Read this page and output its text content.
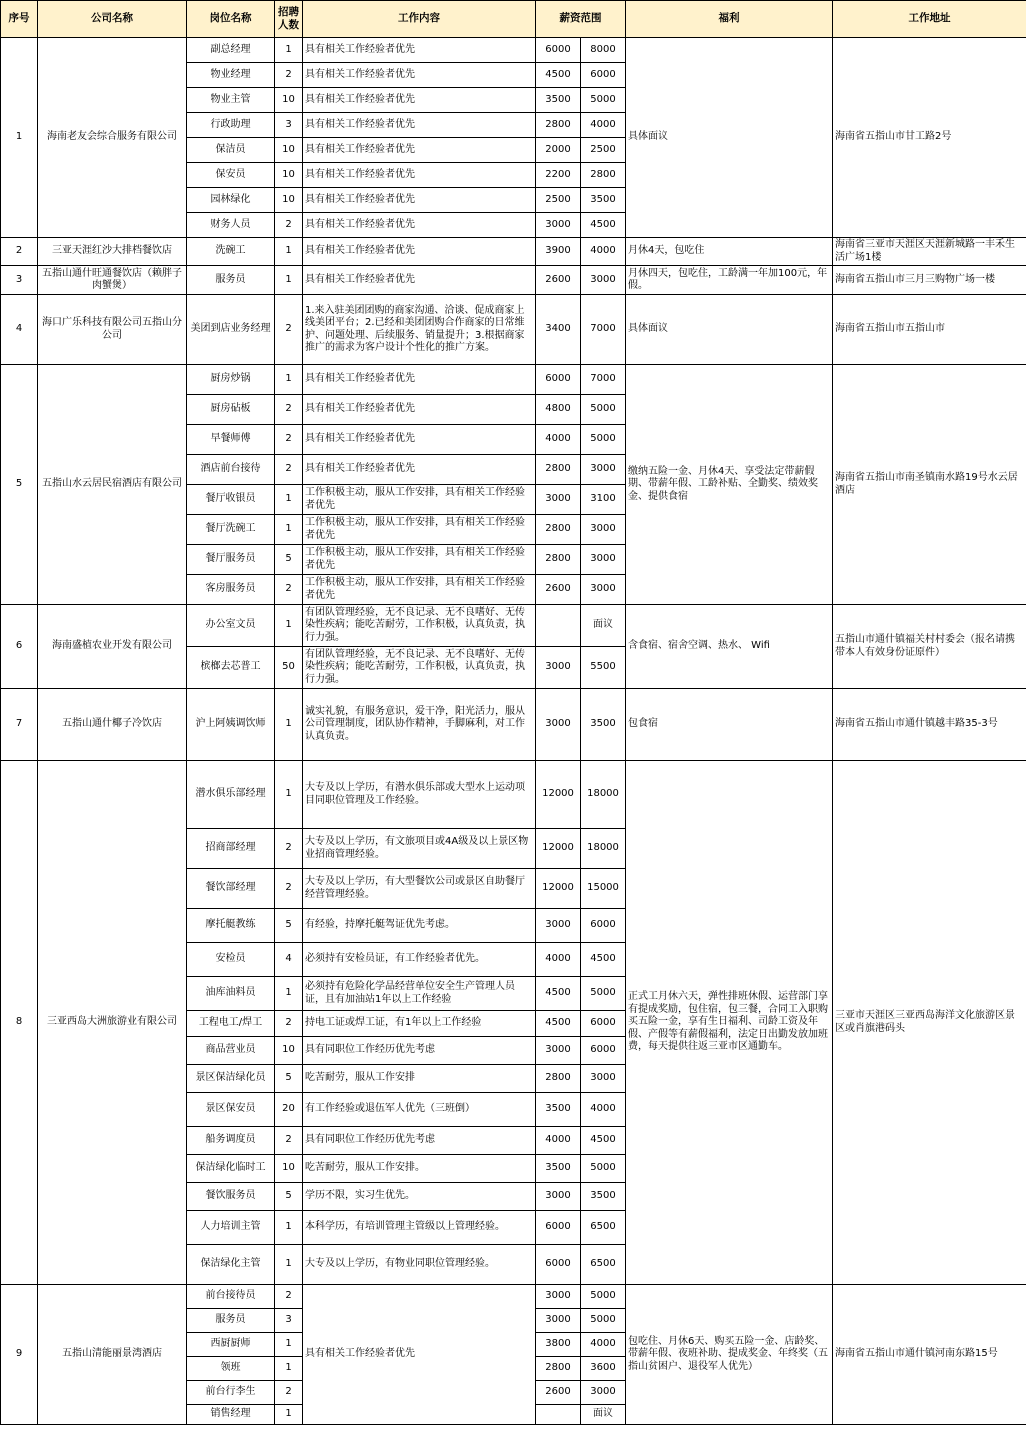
序号	公司名称	岗位名称	招聘人数	工作内容	薪资范围		福利	工作地址
1	海南老友会综合服务有限公司	副总经理	1	具有相关工作经验者优先	6000	8000	具体面议	海南省五指山市甘工路2号
		物业经理	2	具有相关工作经验者优先	4500	6000		
		物业主管	10	具有相关工作经验者优先	3500	5000		
		行政助理	3	具有相关工作经验者优先	2800	4000		
		保洁员	10	具有相关工作经验者优先	2000	2500		
		保安员	10	具有相关工作经验者优先	2200	2800		
		园林绿化	10	具有相关工作经验者优先	2500	3500		
		财务人员	2	具有相关工作经验者优先	3000	4500		
2	三亚天涯红沙大排档餐饮店	洗碗工	1	具有相关工作经验者优先	3900	4000	月休4天，包吃住	海南省三亚市天涯区天涯新城路一丰禾生活广场1楼
3	五指山通什旺通餐饮店（赖胖子肉蟹煲）	服务员	1	具有相关工作经验者优先	2600	3000	月休四天，包吃住，工龄满一年加100元，年假。	海南省五指山市三月三购物广场一楼
4	海口广乐科技有限公司五指山分公司	美团到店业务经理	2	1.来入驻美团团购的商家沟通、洽谈、促成商家上线美团平台；2.已经和美团团购合作商家的日常维护、问题处理、后续服务、销量提升；3.根据商家推广的需求为客户设计个性化的推广方案。	3400	7000	具体面议	海南省五指山市五指山市
5	五指山水云居民宿酒店有限公司	厨房炒锅	1	具有相关工作经验者优先	6000	7000	缴纳五险一金、月休4天、享受法定带薪假期、带薪年假、工龄补贴、全勤奖、绩效奖金、提供食宿	海南省五指山市南圣镇南水路19号水云居酒店
		厨房砧板	2	具有相关工作经验者优先	4800	5000		
		早餐师傅	2	具有相关工作经验者优先	4000	5000		
		酒店前台接待	2	具有相关工作经验者优先	2800	3000		
		餐厅收银员	1	工作积极主动，服从工作安排，具有相关工作经验者优先	3000	3100		
		餐厅洗碗工	1	工作积极主动，服从工作安排，具有相关工作经验者优先	2800	3000		
		餐厅服务员	5	工作积极主动，服从工作安排，具有相关工作经验者优先	2800	3000		
		客房服务员	2	工作积极主动，服从工作安排，具有相关工作经验者优先	2600	3000		
6	海南盛植农业开发有限公司	办公室文员	1	有团队管理经验，无不良记录、无不良嗜好、无传染性疾病；能吃苦耐劳，工作积极，认真负责，执行力强。		面议	含食宿、宿舍空调、热水、 Wifi	五指山市通什镇福关村村委会（报名请携带本人有效身份证原件）
		槟榔去芯普工	50	有团队管理经验，无不良记录、无不良嗜好、无传染性疾病；能吃苦耐劳，工作积极，认真负责，执行力强。	3000	5500		
7	五指山通什椰子冷饮店	沪上阿姨调饮师	1	诚实礼貌，有服务意识，爱干净，阳光活力，服从公司管理制度，团队协作精神，手脚麻利，对工作认真负责。	3000	3500	包食宿	海南省五指山市通什镇越丰路35-3号
8	三亚西岛大洲旅游业有限公司	潜水俱乐部经理	1	大专及以上学历，有潜水俱乐部或大型水上运动项目同职位管理及工作经验。	12000	18000	正式工月休六天，弹性排班休假、运营部门享有提成奖励，包住宿，包三餐，合同工入职购买五险一金，享有生日福利、司龄工资及年假、产假等有薪假福利，法定日出勤发放加班费，每天提供往返三亚市区通勤车。	三亚市天涯区三亚西岛海洋文化旅游区景区或肖旗港码头
		招商部经理	2	大专及以上学历，有文旅项目或4A级及以上景区物业招商管理经验。	12000	18000		
		餐饮部经理	2	大专及以上学历，有大型餐饮公司或景区自助餐厅经营管理经验。	12000	15000		
		摩托艇教练	5	有经验，持摩托艇驾证优先考虑。	3000	6000		
		安检员	4	必须持有安检员证，有工作经验者优先。	4000	4500		
		油库油料员	1	必须持有危险化学品经营单位安全生产管理人员证，且有加油站1年以上工作经验	4500	5000		
		工程电工/焊工	2	持电工证或焊工证，有1年以上工作经验	4500	6000		
		商品营业员	10	具有同职位工作经历优先考虑	3000	6000		
		景区保洁绿化员	5	吃苦耐劳，服从工作安排	2800	3000		
		景区保安员	20	有工作经验或退伍军人优先（三班倒）	3500	4000		
		船务调度员	2	具有同职位工作经历优先考虑	4000	4500		
		保洁绿化临时工	10	吃苦耐劳，服从工作安排。	3500	5000		
		餐饮服务员	5	学历不限，实习生优先。	3000	3500		
		人力培训主管	1	本科学历，有培训管理主管级以上管理经验。	6000	6500		
		保洁绿化主管	1	大专及以上学历，有物业同职位管理经验。	6000	6500		
9	五指山清能丽景湾酒店	前台接待员	2	具有相关工作经验者优先	3000	5000	包吃住、月休6天、购买五险一金、店龄奖、带薪年假、夜班补助、提成奖金、年终奖（五指山贫困户、退役军人优先）	海南省五指山市通什镇河南东路15号
		服务员	3		3000	5000		
		西厨厨师	1		3800	4000		
		领班	1		2800	3600		
		前台行李生	2		2600	3000		
		销售经理	1			面议		
